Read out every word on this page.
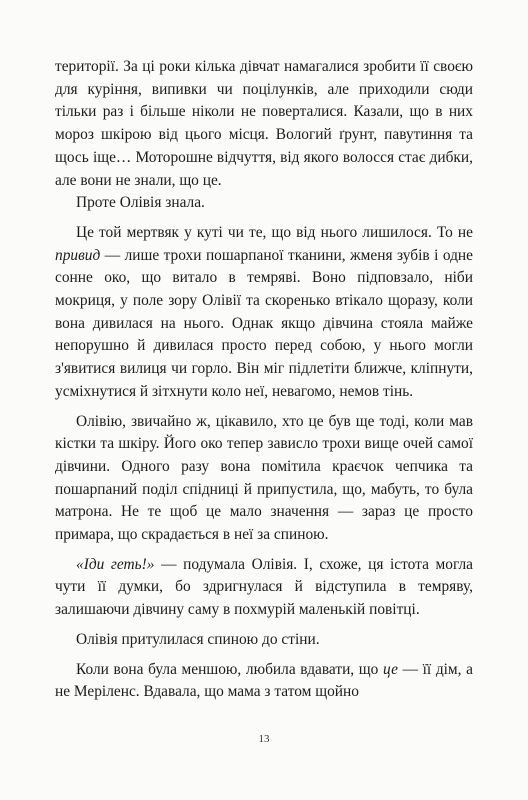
території. За ці роки кілька дівчат намагалися зробити її своєю для куріння, випивки чи поцілунків, але приходили сюди тільки раз і більше ніколи не поверталися. Казали, що в них мороз шкірою від цього місця. Вологий ґрунт, павутиння та щось іще… Моторошне відчуття, від якого волосся стає дибки, але вони не знали, що це.

Проте Олівія знала.

Це той мертвяк у куті чи те, що від нього лишилося. То не привид — лише трохи пошарпаної тканини, жменя зубів і одне сонне око, що витало в темряві. Воно підповзало, ніби мокриця, у поле зору Олівії та скоренько втікало щоразу, коли вона дивилася на нього. Однак якщо дівчина стояла майже непорушно й дивилася просто перед собою, у нього могли з'явитися вилиця чи горло. Він міг підлетіти ближче, кліпнути, усміхнутися й зітхнути коло неї, невагомо, немов тінь.

Олівію, звичайно ж, цікавило, хто це був ще тоді, коли мав кістки та шкіру. Його око тепер зависло трохи вище очей самої дівчини. Одного разу вона помітила краєчок чепчика та пошарпаний поділ спідниці й припустила, що, мабуть, то була матрона. Не те щоб це мало значення — зараз це просто примара, що скрадається в неї за спиною.

«Іди геть!» — подумала Олівія. І, схоже, ця істота могла чути її думки, бо здригнулася й відступила в темряву, залишаючи дівчину саму в похмурій маленькій повітці.

Олівія притулилася спиною до стіни.

Коли вона була меншою, любила вдавати, що це — її дім, а не Меріленс. Вдавала, що мама з татом щойно

13
